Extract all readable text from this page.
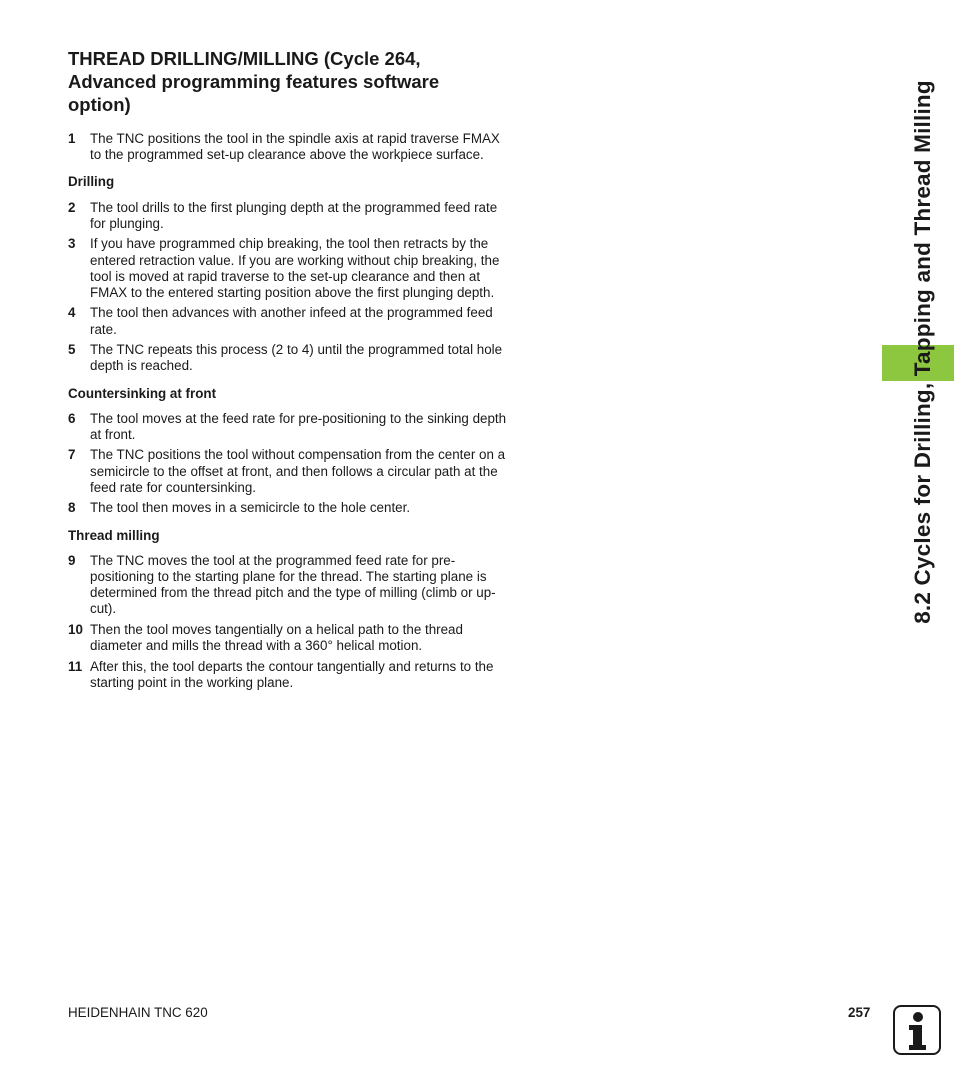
THREAD DRILLING/MILLING (Cycle 264, Advanced programming features software option)
1	The TNC positions the tool in the spindle axis at rapid traverse FMAX to the programmed set-up clearance above the workpiece surface.
Drilling
2	The tool drills to the first plunging depth at the programmed feed rate for plunging.
3	If you have programmed chip breaking, the tool then retracts by the entered retraction value. If you are working without chip breaking, the tool is moved at rapid traverse to the set-up clearance and then at FMAX to the entered starting position above the first plunging depth.
4	The tool then advances with another infeed at the programmed feed rate.
5	The TNC repeats this process (2 to 4) until the programmed total hole depth is reached.
Countersinking at front
6	The tool moves at the feed rate for pre-positioning to the sinking depth at front.
7	The TNC positions the tool without compensation from the center on a semicircle to the offset at front, and then follows a circular path at the feed rate for countersinking.
8	The tool then moves in a semicircle to the hole center.
Thread milling
9	The TNC moves the tool at the programmed feed rate for pre-positioning to the starting plane for the thread. The starting plane is determined from the thread pitch and the type of milling (climb or up-cut).
10 Then the tool moves tangentially on a helical path to the thread diameter and mills the thread with a 360° helical motion.
11 After this, the tool departs the contour tangentially and returns to the starting point in the working plane.
8.2 Cycles for Drilling, Tapping and Thread Milling
HEIDENHAIN TNC 620	257
